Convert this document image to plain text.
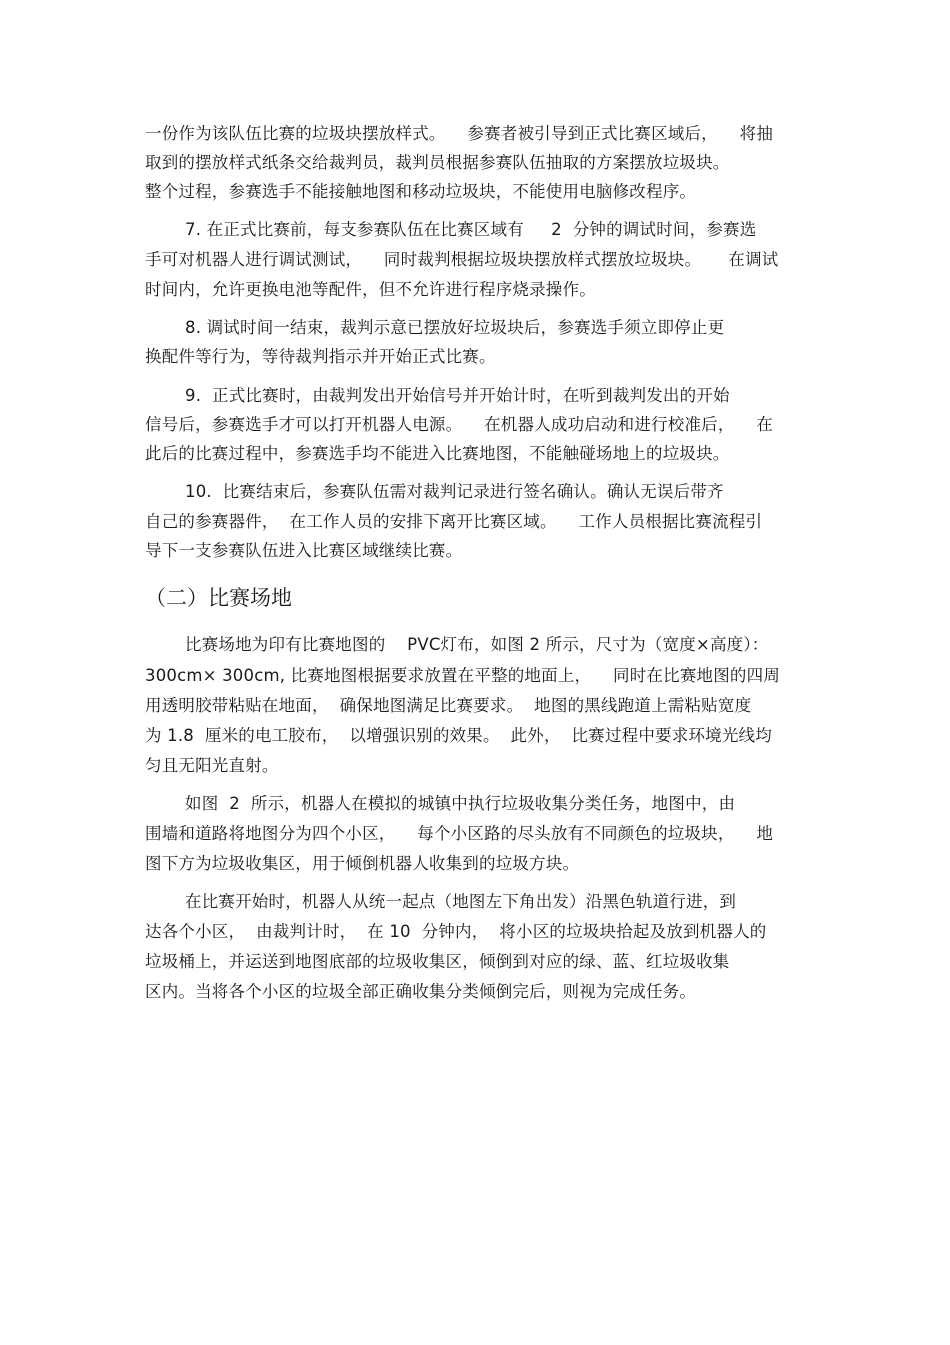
一份作为该队伍比赛的垃圾块摆放样式。    参赛者被引导到正式比赛区域后，    将抽
取到的摆放样式纸条交给裁判员，裁判员根据参赛队伍抽取的方案摆放垃圾块。
整个过程，参赛选手不能接触地图和移动垃圾块，不能使用电脑修改程序。
7. 在正式比赛前，每支参赛队伍在比赛区域有     2  分钟的调试时间，参赛选
手可对机器人进行调试测试，    同时裁判根据垃圾块摆放样式摆放垃圾块。     在调试
时间内，允许更换电池等配件，但不允许进行程序烧录操作。
8. 调试时间一结束，裁判示意已摆放好垃圾块后，参赛选手须立即停止更
换配件等行为，等待裁判指示并开始正式比赛。
9.  正式比赛时，由裁判发出开始信号并开始计时，在听到裁判发出的开始
信号后，参赛选手才可以打开机器人电源。    在机器人成功启动和进行校准后，    在
此后的比赛过程中，参赛选手均不能进入比赛地图，不能触碰场地上的垃圾块。
10.  比赛结束后，参赛队伍需对裁判记录进行签名确认。确认无误后带齐
自己的参赛器件，  在工作人员的安排下离开比赛区域。    工作人员根据比赛流程引
导下一支参赛队伍进入比赛区域继续比赛。
（二）比赛场地
比赛场地为印有比赛地图的    PVC灯布，如图 2 所示，尺寸为（宽度×高度）：
300cm× 300cm, 比赛地图根据要求放置在平整的地面上，    同时在比赛地图的四周
用透明胶带粘贴在地面，  确保地图满足比赛要求。  地图的黑线跑道上需粘贴宽度
为 1.8  厘米的电工胶布，  以增强识别的效果。  此外，  比赛过程中要求环境光线均
匀且无阳光直射。
如图  2  所示，机器人在模拟的城镇中执行垃圾收集分类任务，地图中，由
围墙和道路将地图分为四个小区，    每个小区路的尽头放有不同颜色的垃圾块，    地
图下方为垃圾收集区，用于倾倒机器人收集到的垃圾方块。
在比赛开始时，机器人从统一起点（地图左下角出发）沿黑色轨道行进，到
达各个小区，  由裁判计时，  在 10  分钟内，  将小区的垃圾块拾起及放到机器人的
垃圾桶上，并运送到地图底部的垃圾收集区，倾倒到对应的绿、蓝、红垃圾收集
区内。当将各个小区的垃圾全部正确收集分类倾倒完后，则视为完成任务。
